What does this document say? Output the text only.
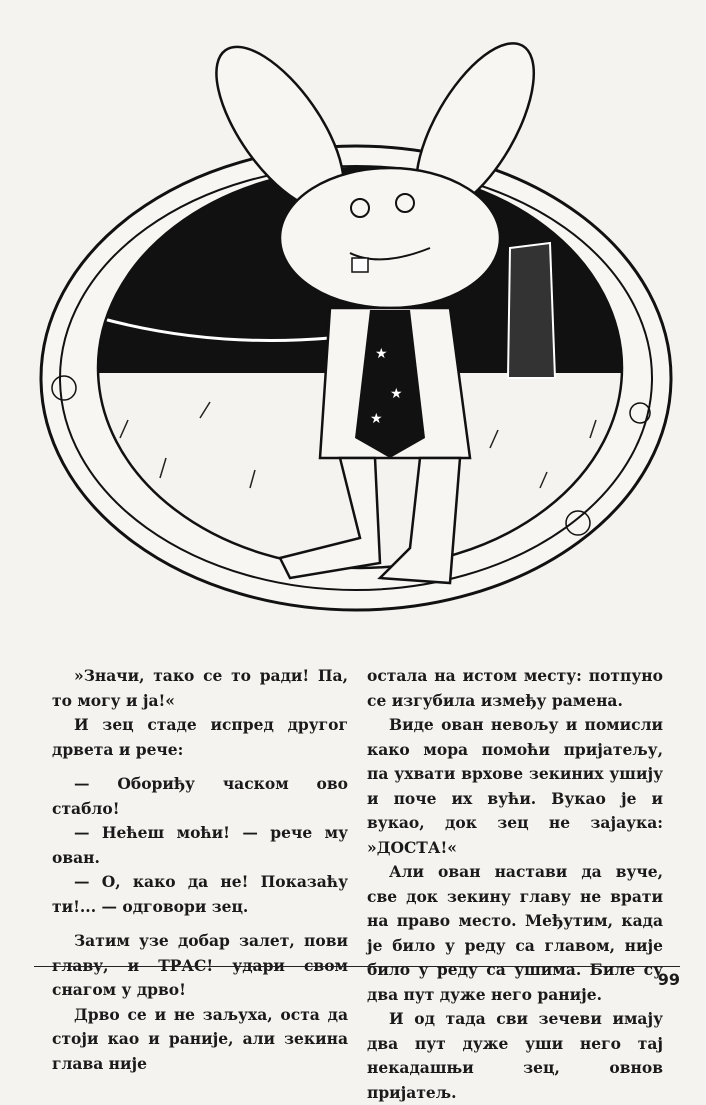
★
★
★

»Значи, тако се то ради! Па, то могу и ја!«

И зец стаде испред другог дрвета и рече:

— Обориђу часком ово стабло!

— Нећеш моћи! — рече му ован.

— О, како да не! Показаћу ти!... — одговори зец.

Затим узе добар залет, пови главу, и ТРАС! удари свом снагом у дрво!

Дрво се и не заљуха, оста да стоји као и раније, али зекина глава није

остала на истом месту: потпуно се изгубила између рамена.

Виде ован невољу и помисли како мора помоћи пријатељу, па ухвати врхове зекиних ушију и поче их вући. Вукао је и вукао, док зец не зајаука: »ДОСТА!«

Али ован настави да вуче, све док зекину главу не врати на право место. Међутим, када је било у реду са главом, није било у реду са ушима. Биле су два пут дуже него раније.

И од тада сви зечеви имају два пут дуже уши него тај некадашњи зец, овнов пријатељ.

99
